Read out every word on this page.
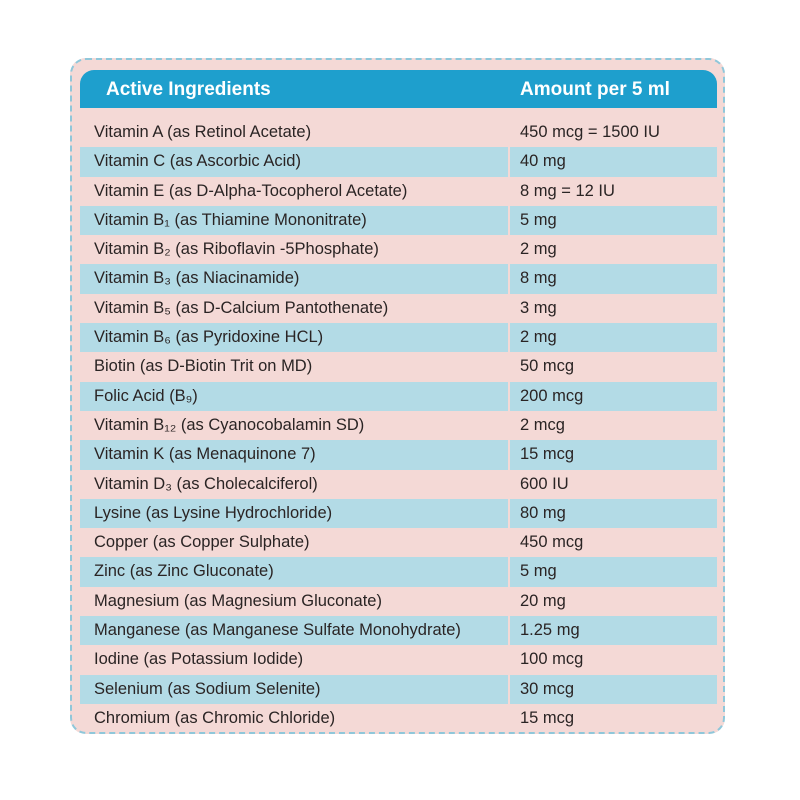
Active Ingredients	Amount per 5 ml
Vitamin A (as Retinol Acetate)	450 mcg = 1500 IU
Vitamin C (as Ascorbic Acid)	40 mg
Vitamin E (as D-Alpha-Tocopherol Acetate)	8 mg = 12 IU
Vitamin B₁ (as Thiamine Mononitrate)	5 mg
Vitamin B₂ (as Riboflavin -5Phosphate)	2 mg
Vitamin B₃ (as Niacinamide)	8 mg
Vitamin B₅ (as D-Calcium Pantothenate)	3 mg
Vitamin B₆ (as Pyridoxine HCL)	2 mg
Biotin (as D-Biotin Trit on MD)	50 mcg
Folic Acid (B₉)	200 mcg
Vitamin B₁₂ (as Cyanocobalamin SD)	2 mcg
Vitamin K (as Menaquinone 7)	15 mcg
Vitamin D₃ (as Cholecalciferol)	600 IU
Lysine (as Lysine Hydrochloride)	80 mg
Copper (as Copper Sulphate)	450 mcg
Zinc (as Zinc Gluconate)	5 mg
Magnesium (as Magnesium Gluconate)	20 mg
Manganese (as Manganese Sulfate Monohydrate)	1.25 mg
Iodine (as Potassium Iodide)	100 mcg
Selenium (as Sodium Selenite)	30 mcg
Chromium (as Chromic Chloride)	15 mcg
